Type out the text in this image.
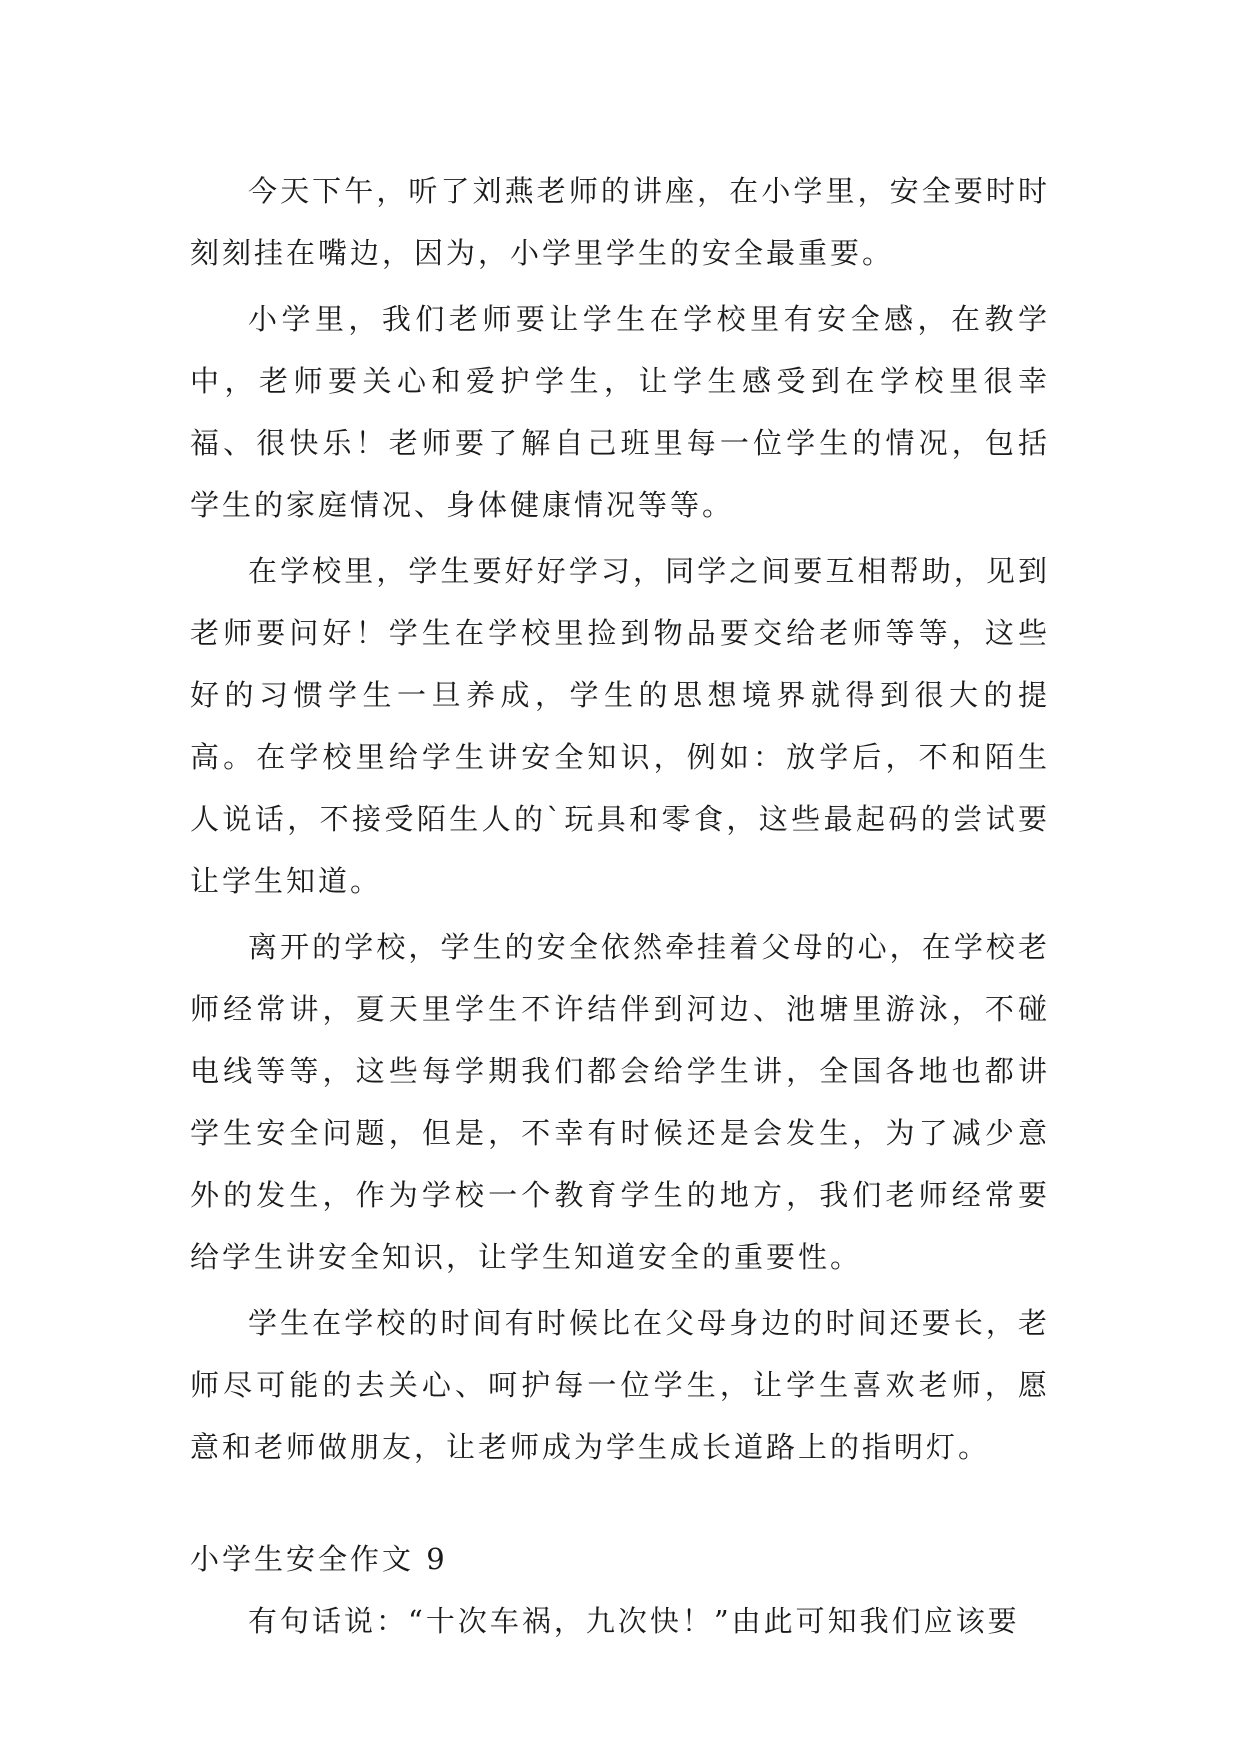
今天下午，听了刘燕老师的讲座，在小学里，安全要时时刻刻挂在嘴边，因为，小学里学生的安全最重要。

小学里，我们老师要让学生在学校里有安全感，在教学中，老师要关心和爱护学生，让学生感受到在学校里很幸福、很快乐！老师要了解自己班里每一位学生的情况，包括学生的家庭情况、身体健康情况等等。

在学校里，学生要好好学习，同学之间要互相帮助，见到老师要问好！学生在学校里捡到物品要交给老师等等，这些好的习惯学生一旦养成，学生的思想境界就得到很大的提高。在学校里给学生讲安全知识，例如：放学后，不和陌生人说话，不接受陌生人的`玩具和零食，这些最起码的尝试要让学生知道。

离开的学校，学生的安全依然牵挂着父母的心，在学校老师经常讲，夏天里学生不许结伴到河边、池塘里游泳，不碰电线等等，这些每学期我们都会给学生讲，全国各地也都讲学生安全问题，但是，不幸有时候还是会发生，为了减少意外的发生，作为学校一个教育学生的地方，我们老师经常要给学生讲安全知识，让学生知道安全的重要性。

学生在学校的时间有时候比在父母身边的时间还要长，老师尽可能的去关心、呵护每一位学生，让学生喜欢老师，愿意和老师做朋友，让老师成为学生成长道路上的指明灯。

小学生安全作文 9

有句话说：“十次车祸，九次快！”由此可知我们应该要
